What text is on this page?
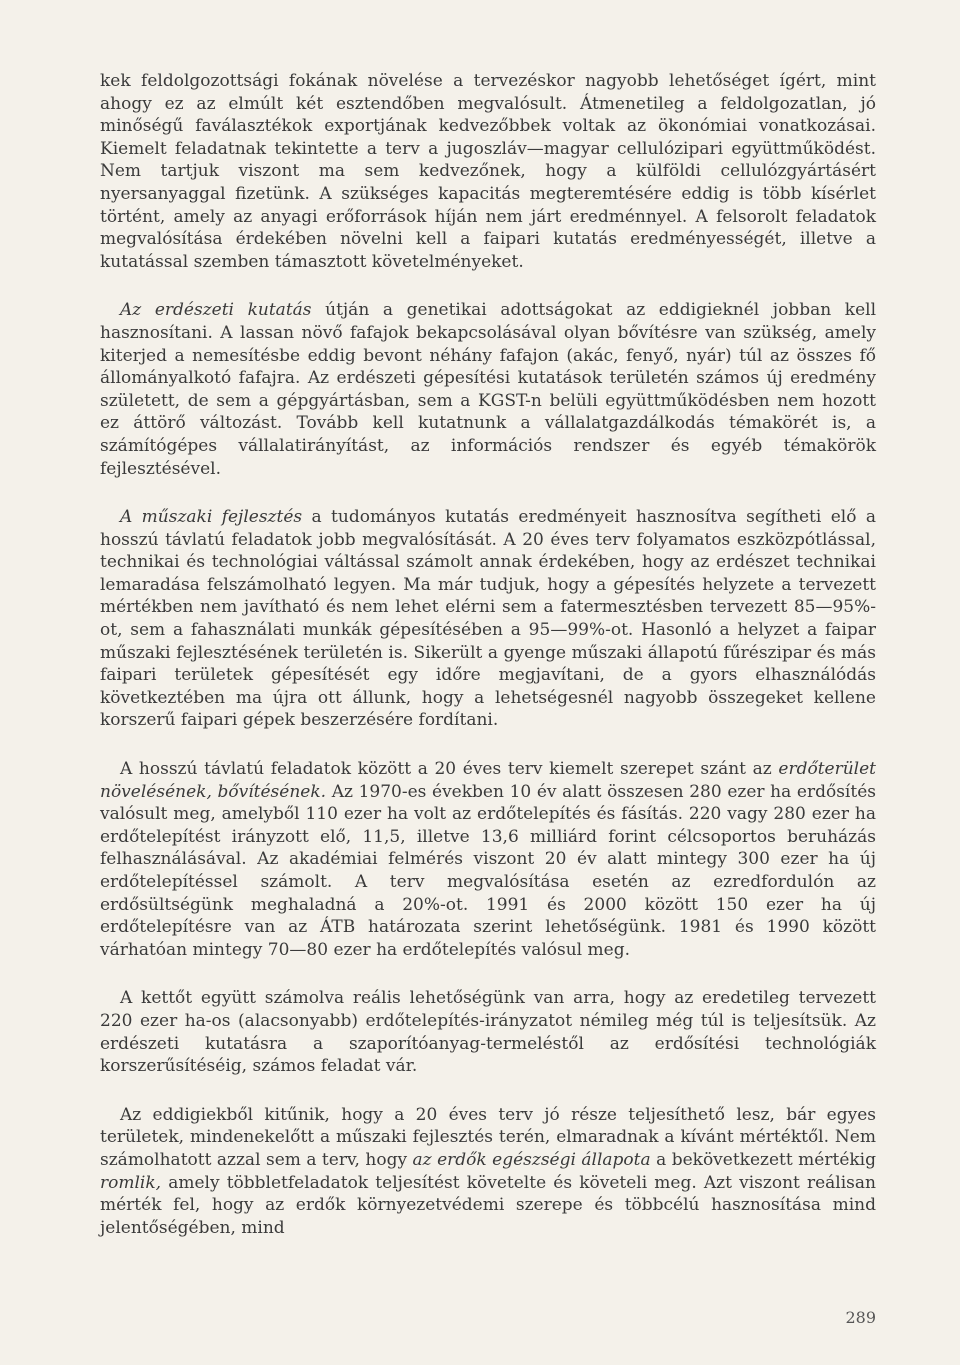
kek feldolgozottsági fokának növelése a tervezéskor nagyobb lehetőséget ígért, mint ahogy ez az elmúlt két esztendőben megvalósult. Átmenetileg a feldolgozatlan, jó minőségű faválasztékok exportjának kedvezőbbek voltak az ökonómiai vonatkozásai. Kiemelt feladatnak tekintette a terv a jugoszláv—magyar cellulózipari együttműködést. Nem tartjuk viszont ma sem kedvezőnek, hogy a külföldi cellulózgyártásért nyersanyaggal fizetünk. A szükséges kapacitás megteremtésére eddig is több kísérlet történt, amely az anyagi erőforrások híján nem járt eredménnyel. A felsorolt feladatok megvalósítása érdekében növelni kell a faipari kutatás eredményességét, illetve a kutatással szemben támasztott követelményeket.

Az erdészeti kutatás útján a genetikai adottságokat az eddigieknél jobban kell hasznosítani. A lassan növő fafajok bekapcsolásával olyan bővítésre van szükség, amely kiterjed a nemesítésbe eddig bevont néhány fafajon (akác, fenyő, nyár) túl az összes fő állományalkotó fafajra. Az erdészeti gépesítési kutatások területén számos új eredmény született, de sem a gépgyártásban, sem a KGST-n belüli együttműködésben nem hozott ez áttörő változást. Tovább kell kutatnunk a vállalatgazdálkodás témakörét is, a számítógépes vállalatirányítást, az információs rendszer és egyéb témakörök fejlesztésével.

A műszaki fejlesztés a tudományos kutatás eredményeit hasznosítva segítheti elő a hosszú távlatú feladatok jobb megvalósítását. A 20 éves terv folyamatos eszközpótlással, technikai és technológiai váltással számolt annak érdekében, hogy az erdészet technikai lemaradása felszámolható legyen. Ma már tudjuk, hogy a gépesítés helyzete a tervezett mértékben nem javítható és nem lehet elérni sem a fatermesztésben tervezett 85—95%-ot, sem a fahasználati munkák gépesítésében a 95—99%-ot. Hasonló a helyzet a faipar műszaki fejlesztésének területén is. Sikerült a gyenge műszaki állapotú fűrészipar és más faipari területek gépesítését egy időre megjavítani, de a gyors elhasználódás következtében ma újra ott állunk, hogy a lehetségesnél nagyobb összegeket kellene korszerű faipari gépek beszerzésére fordítani.

A hosszú távlatú feladatok között a 20 éves terv kiemelt szerepet szánt az erdőterület növelésének, bővítésének. Az 1970-es években 10 év alatt összesen 280 ezer ha erdősítés valósult meg, amelyből 110 ezer ha volt az erdőtelepítés és fásítás. 220 vagy 280 ezer ha erdőtelepítést irányzott elő, 11,5, illetve 13,6 milliárd forint célcsoportos beruházás felhasználásával. Az akadémiai felmérés viszont 20 év alatt mintegy 300 ezer ha új erdőtelepítéssel számolt. A terv megvalósítása esetén az ezredfordulón az erdősültségünk meghaladná a 20%-ot. 1991 és 2000 között 150 ezer ha új erdőtelepítésre van az ÁTB határozata szerint lehetőségünk. 1981 és 1990 között várhatóan mintegy 70—80 ezer ha erdőtelepítés valósul meg.

A kettőt együtt számolva reális lehetőségünk van arra, hogy az eredetileg tervezett 220 ezer ha-os (alacsonyabb) erdőtelepítés-irányzatot némileg még túl is teljesítsük. Az erdészeti kutatásra a szaporítóanyag-termeléstől az erdősítési technológiák korszerűsítéséig, számos feladat vár.

Az eddigiekből kitűnik, hogy a 20 éves terv jó része teljesíthető lesz, bár egyes területek, mindenekelőtt a műszaki fejlesztés terén, elmaradnak a kívánt mértéktől. Nem számolhatott azzal sem a terv, hogy az erdők egészségi állapota a bekövetkezett mértékig romlik, amely többletfeladatok teljesítést követelte és követeli meg. Azt viszont reálisan mérték fel, hogy az erdők környezetvédemi szerepe és többcélú hasznosítása mind jelentőségében, mind

289
